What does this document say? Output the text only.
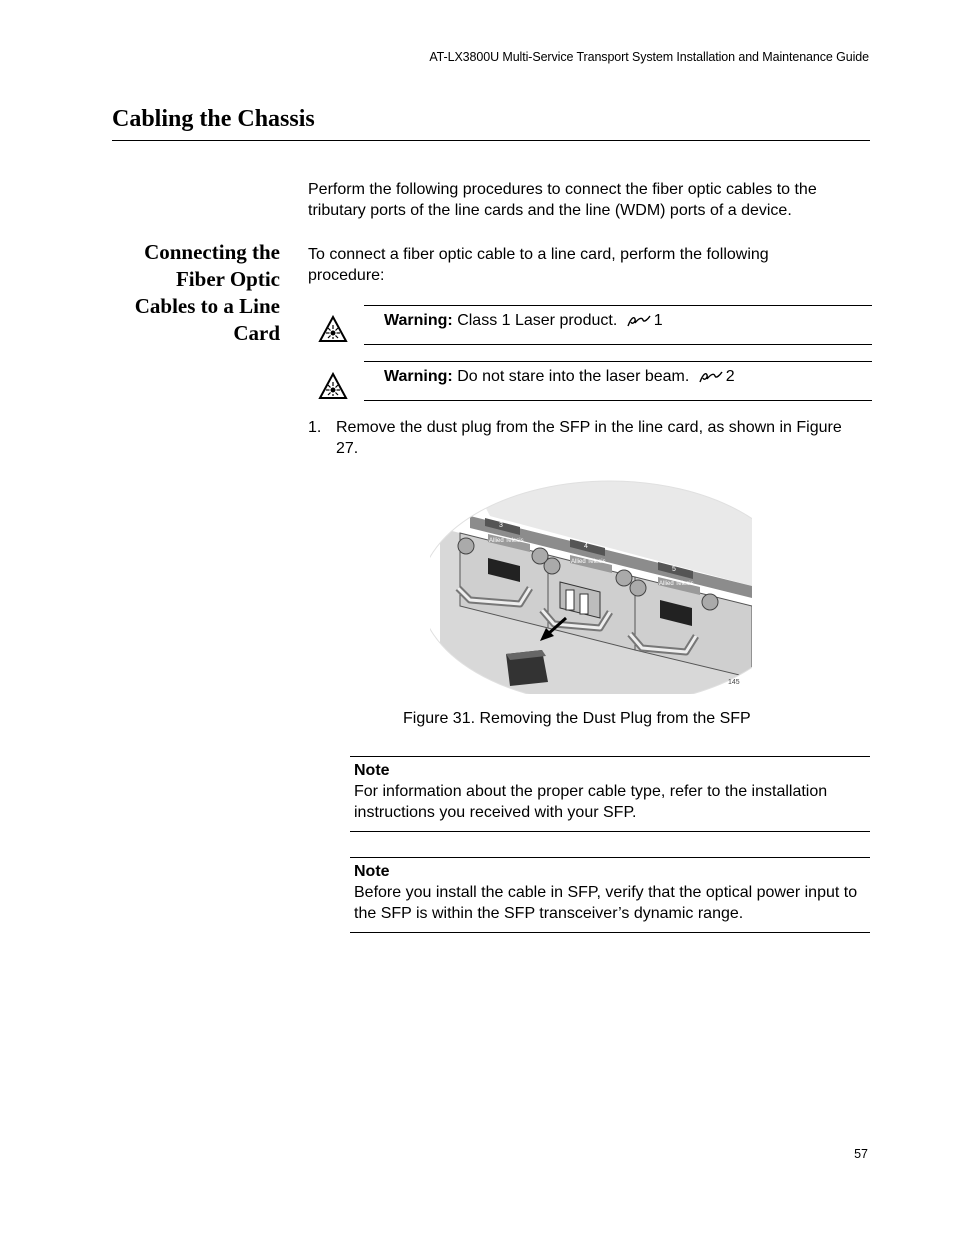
AT-LX3800U Multi-Service Transport System Installation and Maintenance Guide
Cabling the Chassis
Perform the following procedures to connect the fiber optic cables to the tributary ports of the line cards and the line (WDM) ports of a device.
Connecting the
Fiber Optic
Cables to a Line
Card
To connect a fiber optic cable to a line card, perform the following procedure:
Warning: Class 1 Laser product. 1
Warning: Do not stare into the laser beam. 2
1. Remove the dust plug from the SFP in the line card, as shown in Figure 27.
3
4
5
Allied Telesis
Allied Telesis
Allied Telesis
145
Figure 31. Removing the Dust Plug from the SFP
Note
For information about the proper cable type, refer to the installation instructions you received with your SFP.
Note
Before you install the cable in SFP, verify that the optical power input to the SFP is within the SFP transceiver’s dynamic range.
57
